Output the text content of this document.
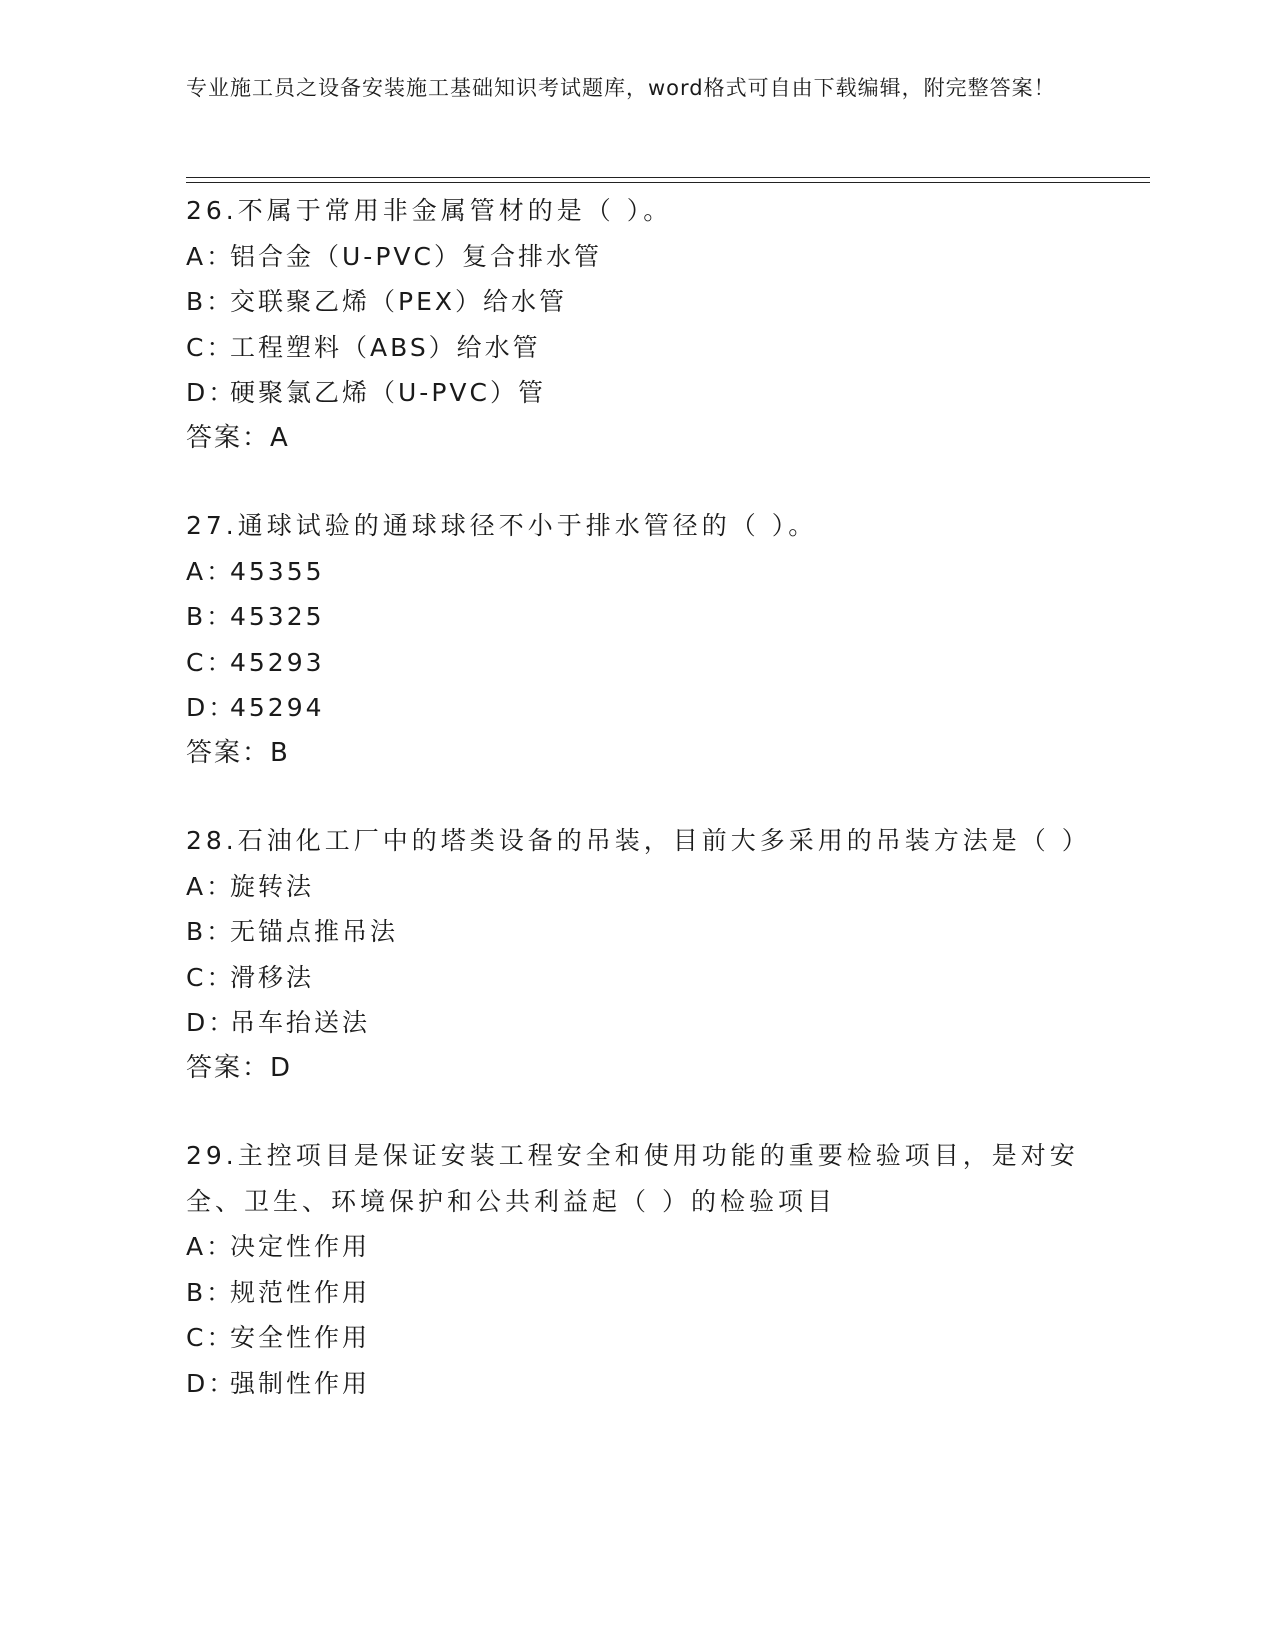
专业施工员之设备安装施工基础知识考试题库，word格式可自由下载编辑，附完整答案！
26.不属于常用非金属管材的是（ ）。
A：铝合金（U-PVC）复合排水管
B：交联聚乙烯（PEX）给水管
C：工程塑料（ABS）给水管
D：硬聚氯乙烯（U-PVC）管
答案：A
27.通球试验的通球球径不小于排水管径的（ ）。
A：45355
B：45325
C：45293
D：45294
答案：B
28.石油化工厂中的塔类设备的吊装，目前大多采用的吊装方法是（ ）
A：旋转法
B：无锚点推吊法
C：滑移法
D：吊车抬送法
答案：D
29.主控项目是保证安装工程安全和使用功能的重要检验项目，是对安全、卫生、环境保护和公共利益起（ ）的检验项目
A：决定性作用
B：规范性作用
C：安全性作用
D：强制性作用
